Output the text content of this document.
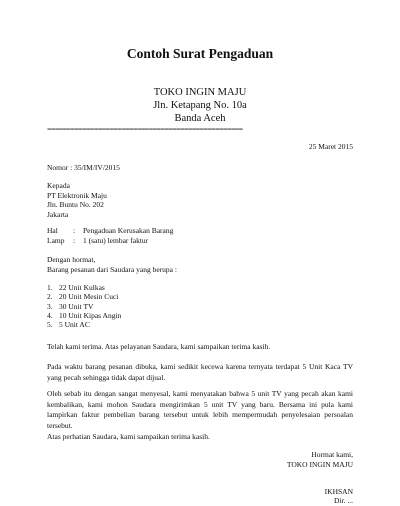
Contoh Surat Pengaduan
TOKO INGIN MAJU
Jln. Ketapang No. 10a
Banda Aceh
==================================================
25 Maret 2015
Nomor : 35/IM/IV/2015
Kepada
PT Elektronik Maju
Jln. Buntu No. 202
Jakarta
Hal	:	Pengaduan Kerusakan Barang
Lamp	:	1 (satu) lembar faktur
Dengan hormat,
Barang pesanan dari Saudara yang berupa :
1. 22 Unit Kulkas
2. 20 Unit Mesin Cuci
3. 30 Unit TV
4. 10 Unit Kipas Angin
5. 5 Unit AC

Telah kami terima. Atas pelayanan Saudara, kami sampaikan terima kasih.

Pada waktu barang pesanan dibuka, kami sedikit kecewa karena ternyata terdapat 5 Unit Kaca TV yang pecah sehingga tidak dapat dijual.

Oleh sebab itu dengan sangat menyesal, kami menyatakan bahwa 5 unit TV yang pecah akan kami kembalikan, kami mohon Saudara mengirimkan 5 unit TV yang baru. Bersama ini pula kami lampirkan faktur pembelian barang tersebut untuk lebih mempermudah penyelesaian persoalan tersebut.

Atas perhatian Saudara, kami sampaikan terima kasih.

Hormat kami,
TOKO INGIN MAJU
IKHSAN
Dir. ...
